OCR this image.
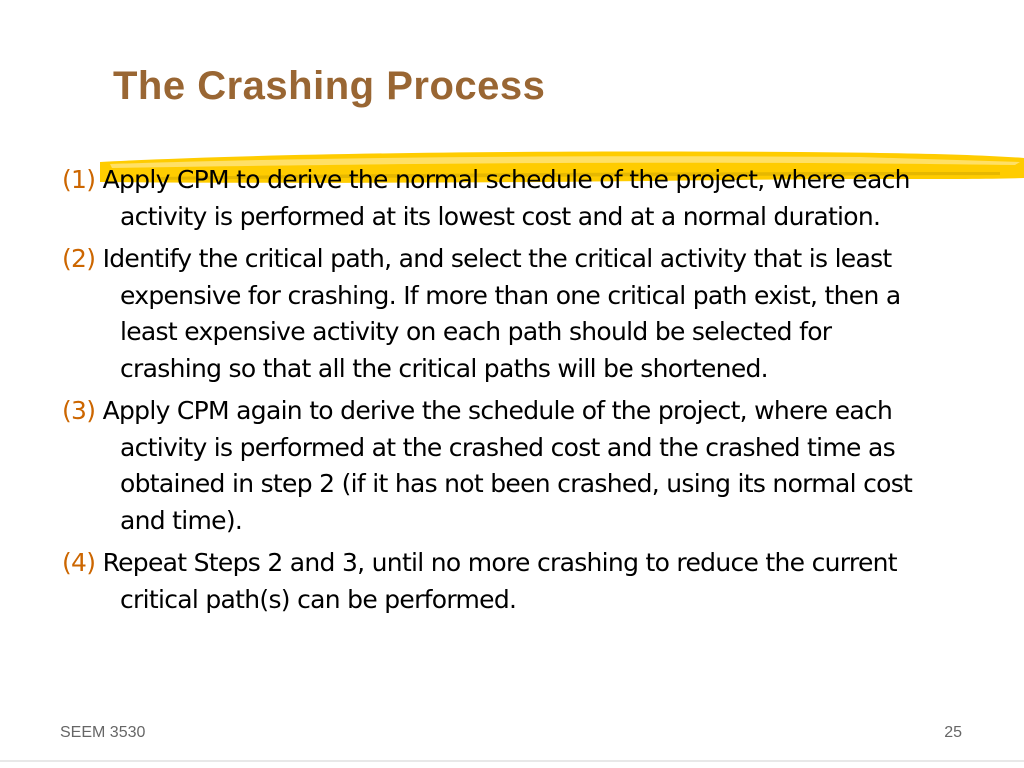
The Crashing Process
(1) Apply CPM to derive the normal schedule of the project, where each activity is performed at its lowest cost and at a normal duration.
(2) Identify the critical path, and select the critical activity that is least expensive for crashing. If more than one critical path exist, then a least expensive activity on each path should be selected for crashing so that all the critical paths will be shortened.
(3) Apply CPM again to derive the schedule of the project, where each activity is performed at the crashed cost and the crashed time as obtained in step 2 (if it has not been crashed, using its normal cost and time).
(4) Repeat Steps 2 and 3, until no more crashing to reduce the current critical path(s) can be performed.
SEEM 3530	25
